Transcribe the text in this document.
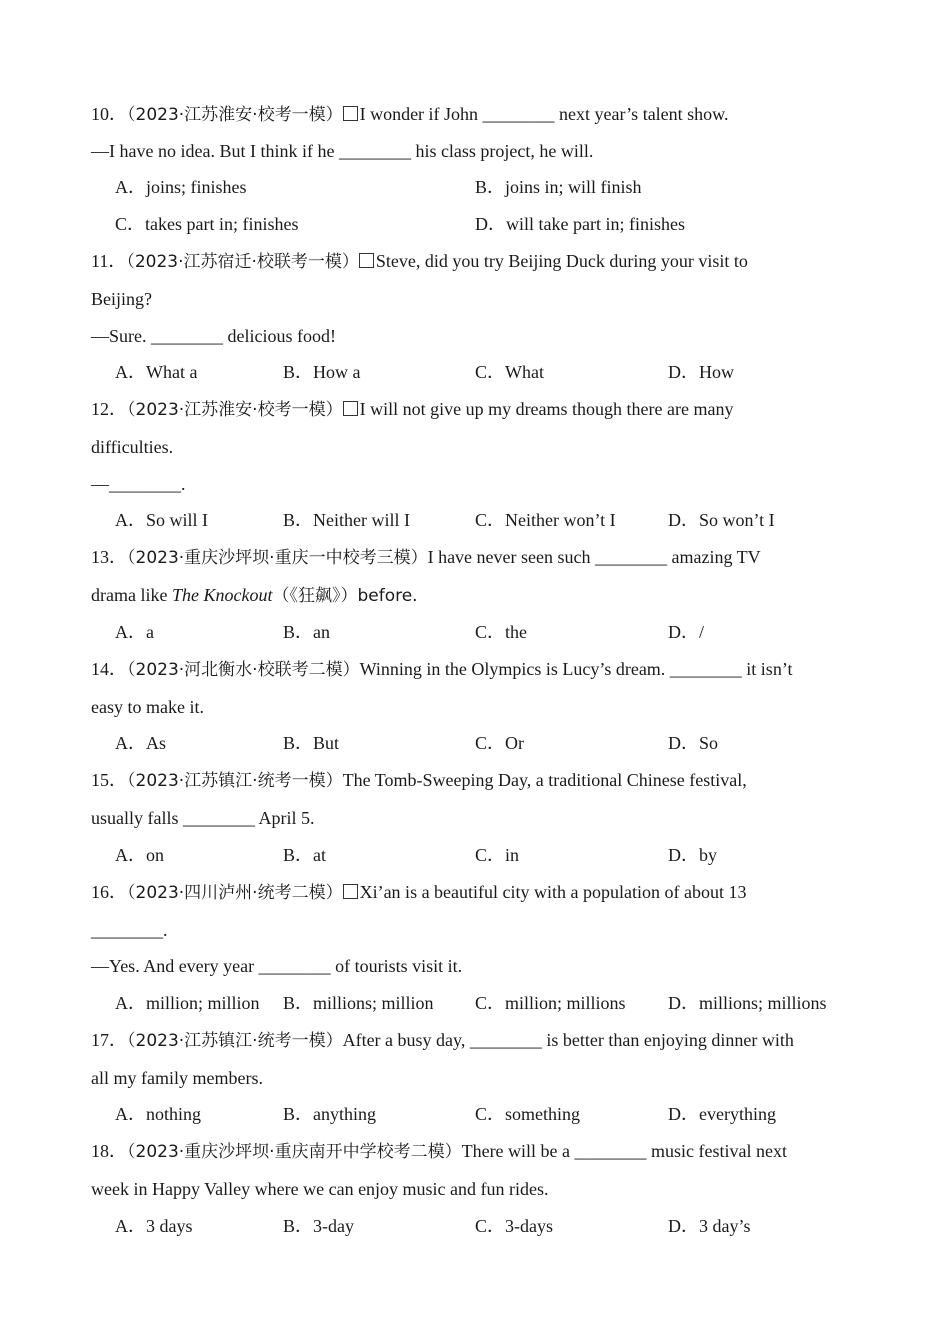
10．（2023·江苏淮安·校考一模） I wonder if John ________ next year’s talent show.
—I have no idea. But I think if he ________ his class project, he will.
A．joins; finishes	B．joins in; will finish
C．takes part in; finishes	D．will take part in; finishes
11．（2023·江苏宿迁·校联考一模） Steve, did you try Beijing Duck during your visit to
Beijing?
—Sure. ________ delicious food!
A．What a	B．How a	C．What	D．How
12．（2023·江苏淮安·校考一模） I will not give up my dreams though there are many
difficulties.
—________.
A．So will I	B．Neither will I	C．Neither won’t I	D．So won’t I
13．（2023·重庆沙坪坝·重庆一中校考三模）I have never seen such ________ amazing TV
drama like The Knockout（《狂飙》）before.
A．a	B．an	C．the	D．/
14．（2023·河北衡水·校联考二模）Winning in the Olympics is Lucy’s dream. ________ it isn’t
easy to make it.
A．As	B．But	C．Or	D．So
15．（2023·江苏镇江·统考一模）The Tomb-Sweeping Day, a traditional Chinese festival,
usually falls ________ April 5.
A．on	B．at	C．in	D．by
16．（2023·四川泸州·统考二模） Xi’an is a beautiful city with a population of about 13
________.
—Yes. And every year ________ of tourists visit it.
A．million; million B．millions; million C．million; millions D．millions; millions
17．（2023·江苏镇江·统考一模）After a busy day, ________ is better than enjoying dinner with
all my family members.
A．nothing	B．anything	C．something	D．everything
18．（2023·重庆沙坪坝·重庆南开中学校考二模）There will be a ________ music festival next
week in Happy Valley where we can enjoy music and fun rides.
A．3 days	B．3-day	C．3-days	D．3 day’s
